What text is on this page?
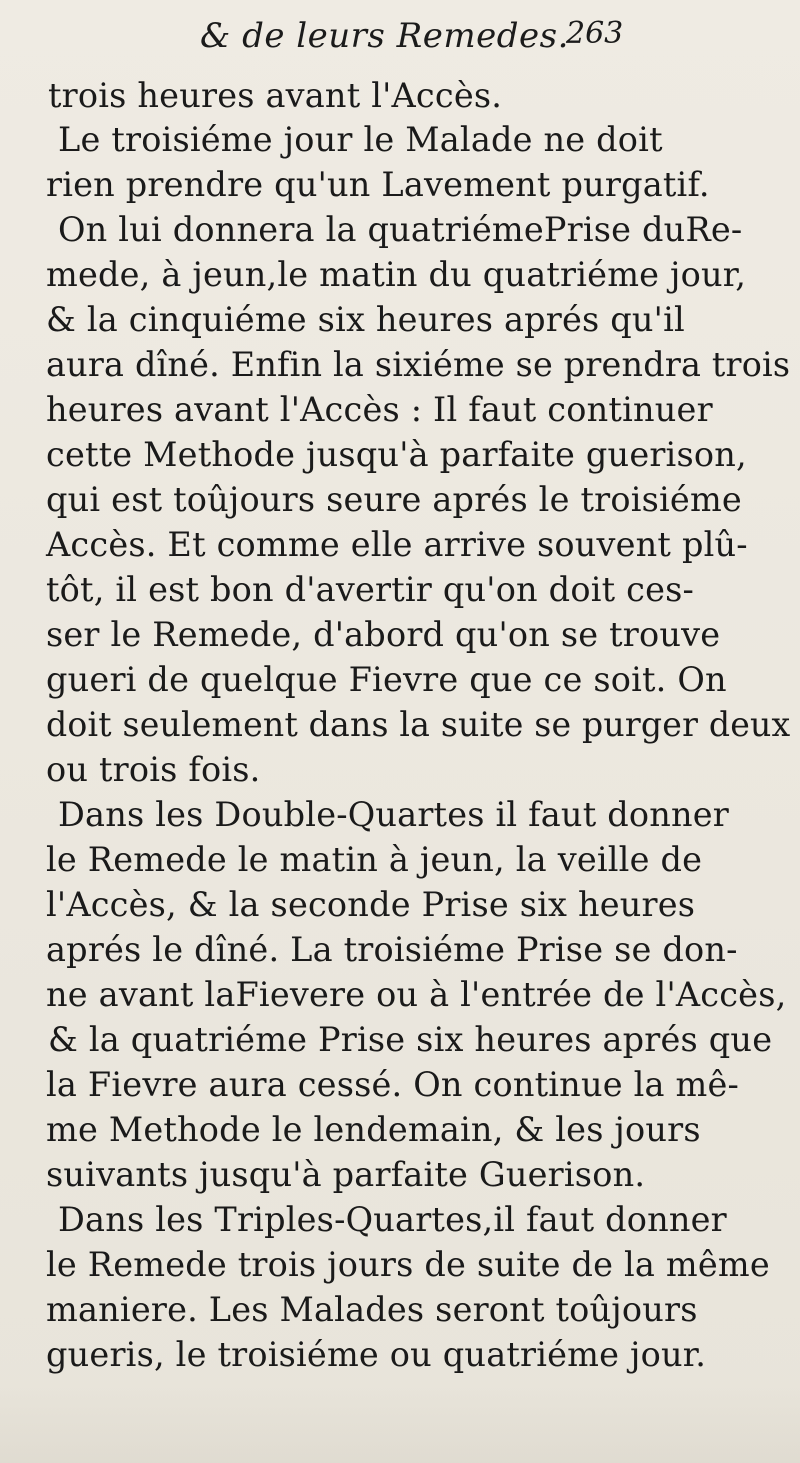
& de leurs Remedes.
263
trois heures avant l'Accès.
Le troisiéme jour le Malade ne doit
rien prendre qu'un Lavement purgatif.
On lui donnera la quatriémePrise duRe-
mede, à jeun,le matin du quatriéme jour,
& la cinquiéme six heures aprés qu'il
aura dîné. Enfin la sixiéme se prendra trois
heures avant l'Accès : Il faut continuer
cette Methode jusqu'à parfaite guerison,
qui est toûjours seure aprés le troisiéme
Accès. Et comme elle arrive souvent plû-
tôt, il est bon d'avertir qu'on doit ces-
ser le Remede, d'abord qu'on se trouve
gueri de quelque Fievre que ce soit. On
doit seulement dans la suite se purger deux
ou trois fois.
Dans les Double-Quartes il faut donner
le Remede le matin à jeun, la veille de
l'Accès, & la seconde Prise six heures
aprés le dîné. La troisiéme Prise se don-
ne avant laFievere ou à l'entrée de l'Accès,
& la quatriéme Prise six heures aprés que
la Fievre aura cessé. On continue la mê-
me Methode le lendemain, & les jours
suivants jusqu'à parfaite Guerison.
Dans les Triples-Quartes,il faut donner
le Remede trois jours de suite de la même
maniere. Les Malades seront toûjours
gueris, le troisiéme ou quatriéme jour.
